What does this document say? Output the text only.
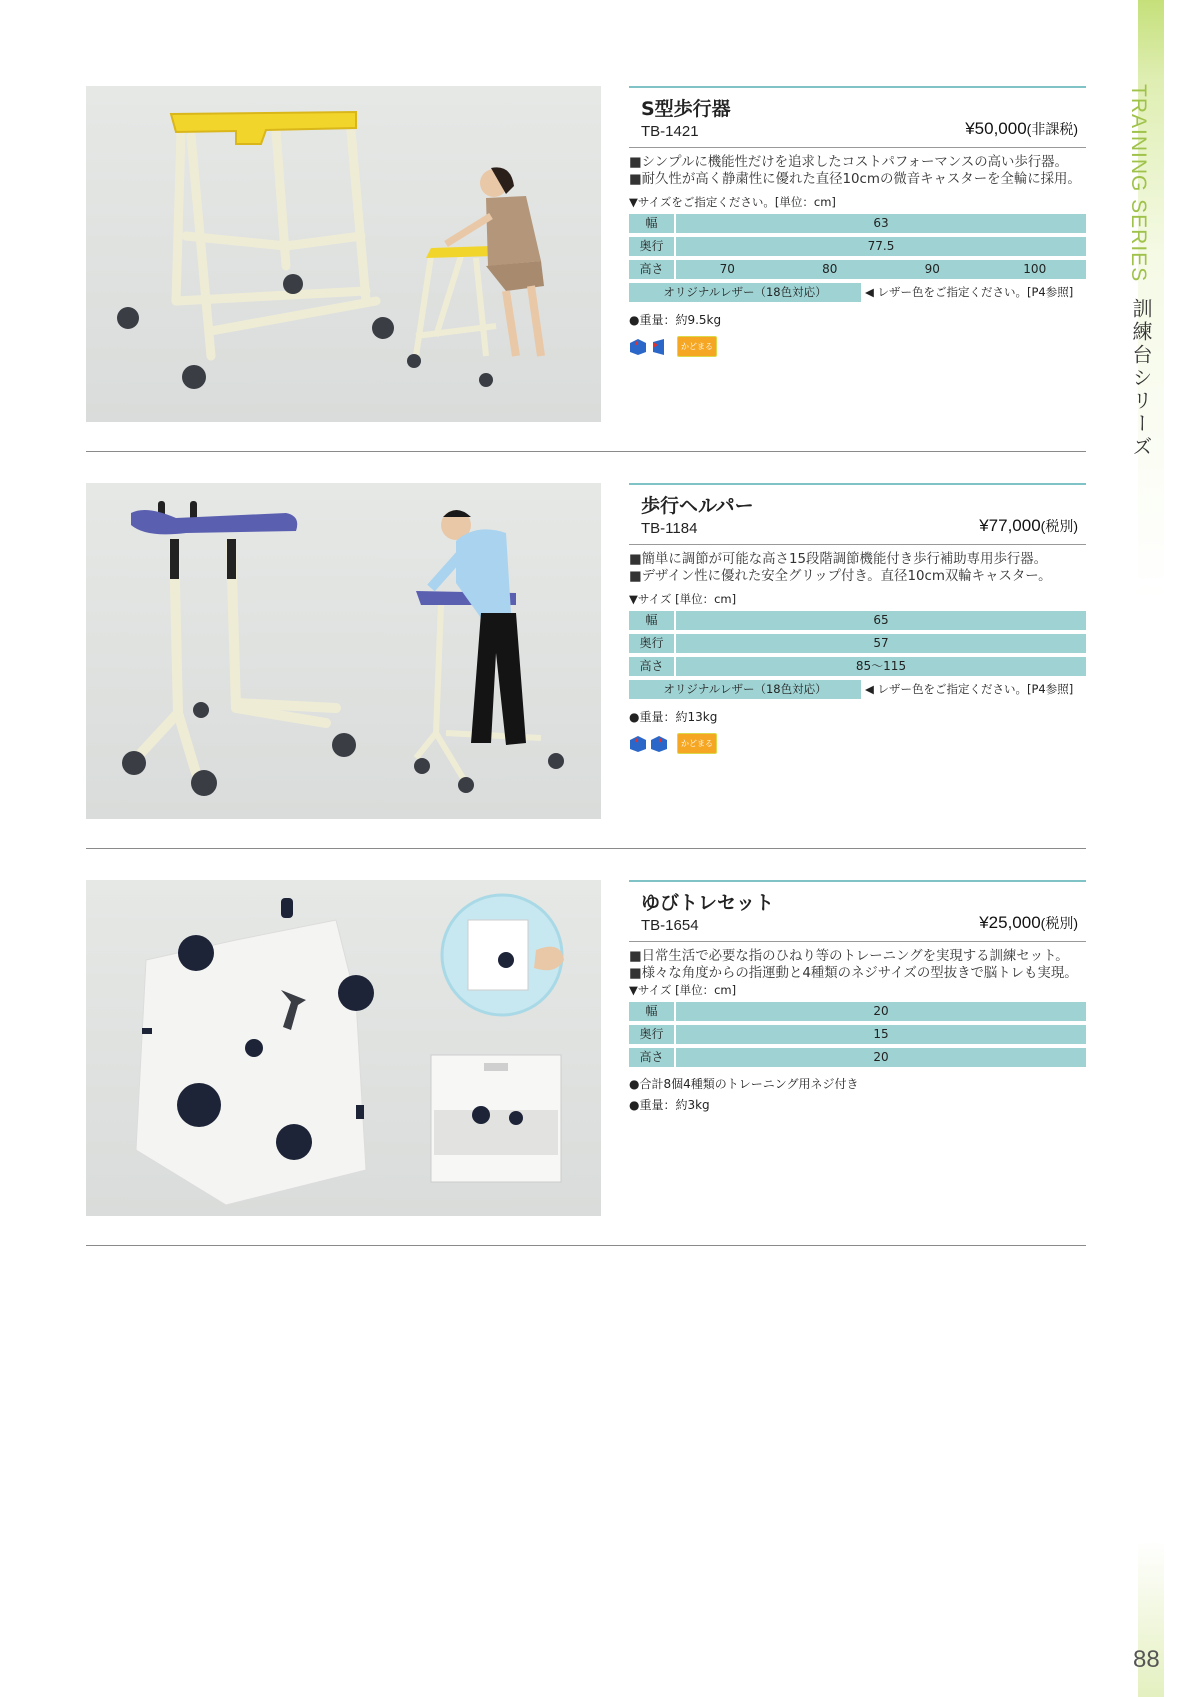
TRAINING SERIES
訓練台シリーズ
88
S型歩行器
TB-1421	¥50,000(非課税)
■シンプルに機能性だけを追求したコストパフォーマンスの高い歩行器。
■耐久性が高く静粛性に優れた直径10cmの微音キャスターを全輪に採用。
▼サイズをご指定ください。[単位：cm]
幅	63
奥行	77.5
高さ	70	80	90	100
オリジナルレザー（18色対応）	◀ レザー色をご指定ください。[P4参照]
●重量：約9.5kg
かどまる
歩行ヘルパー
TB-1184	¥77,000(税別)
■簡単に調節が可能な高さ15段階調節機能付き歩行補助専用歩行器。
■デザイン性に優れた安全グリップ付き。直径10cm双輪キャスター。
▼サイズ [単位：cm]
幅	65
奥行	57
高さ	85～115
オリジナルレザー（18色対応）	◀ レザー色をご指定ください。[P4参照]
●重量：約13kg
かどまる
ゆびトレセット
TB-1654	¥25,000(税別)
■日常生活で必要な指のひねり等のトレーニングを実現する訓練セット。
■様々な角度からの指運動と4種類のネジサイズの型抜きで脳トレも実現。
▼サイズ [単位：cm]
幅	20
奥行	15
高さ	20
●合計8個4種類のトレーニング用ネジ付き
●重量：約3kg
